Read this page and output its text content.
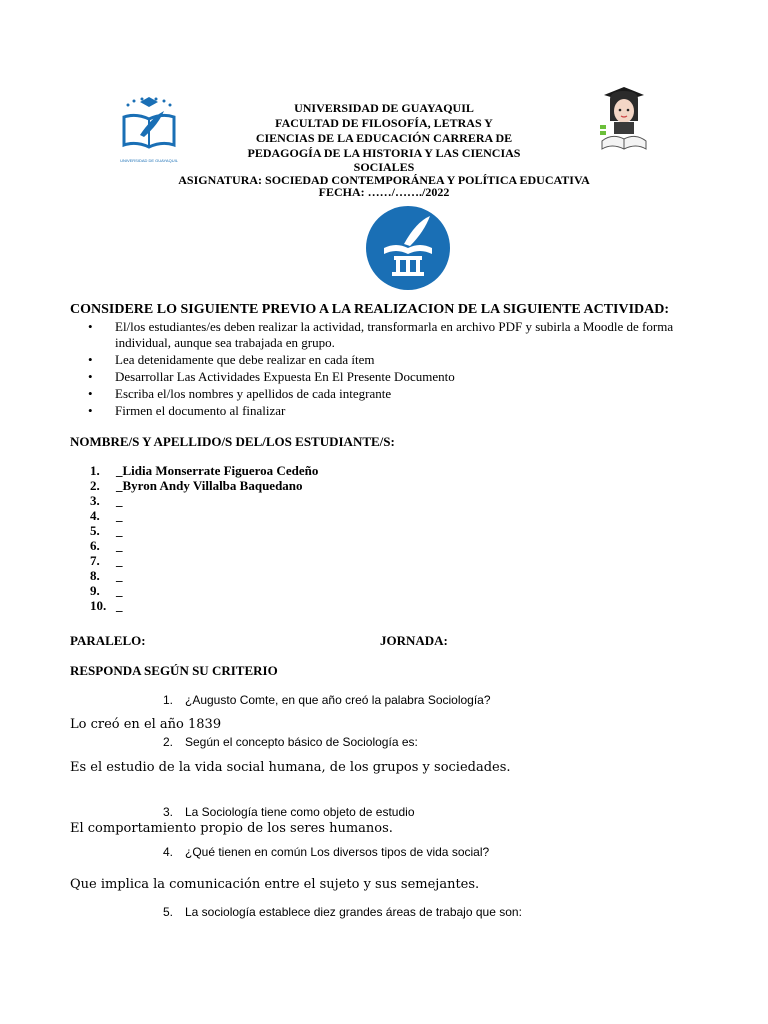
UNIVERSIDAD DE GUAYAQUIL
UNIVERSIDAD DE GUAYAQUIL
FACULTAD DE FILOSOFÍA, LETRAS Y
CIENCIAS DE LA EDUCACIÓN CARRERA DE
PEDAGOGÍA DE LA HISTORIA Y LAS CIENCIAS
SOCIALES
ASIGNATURA: SOCIEDAD CONTEMPORÁNEA Y POLÍTICA EDUCATIVA
FECHA: ……/……./2022
CONSIDERE LO SIGUIENTE PREVIO A LA REALIZACION DE LA SIGUIENTE ACTIVIDAD:
• El/los estudiantes/es deben realizar la actividad, transformarla en archivo PDF y subirla a Moodle de forma individual, aunque sea trabajada en grupo.
• Lea detenidamente que debe realizar en cada ítem
• Desarrollar Las Actividades Expuesta En El Presente Documento
• Escriba el/los nombres y apellidos de cada integrante
• Firmen el documento al finalizar
NOMBRE/S Y APELLIDO/S DEL/LOS ESTUDIANTE/S:
1.	_Lidia Monserrate Figueroa Cedeño
2.	_Byron Andy Villalba Baquedano
3.	_
4.	_
5.	_
6.	_
7.	_
8.	_
9.	_
10. _
PARALELO:	JORNADA:
RESPONDA SEGÚN SU CRITERIO
1. ¿Augusto Comte, en que año creó la palabra Sociología?
Lo creó en el año 1839
2. Según el concepto básico de Sociología es:
Es el estudio de la vida social humana, de los grupos y sociedades.
3. La Sociología tiene como objeto de estudio
El comportamiento propio de los seres humanos.
4. ¿Qué tienen en común Los diversos tipos de vida social?
Que implica la comunicación entre el sujeto y sus semejantes.
5. La sociología establece diez grandes áreas de trabajo que son:
